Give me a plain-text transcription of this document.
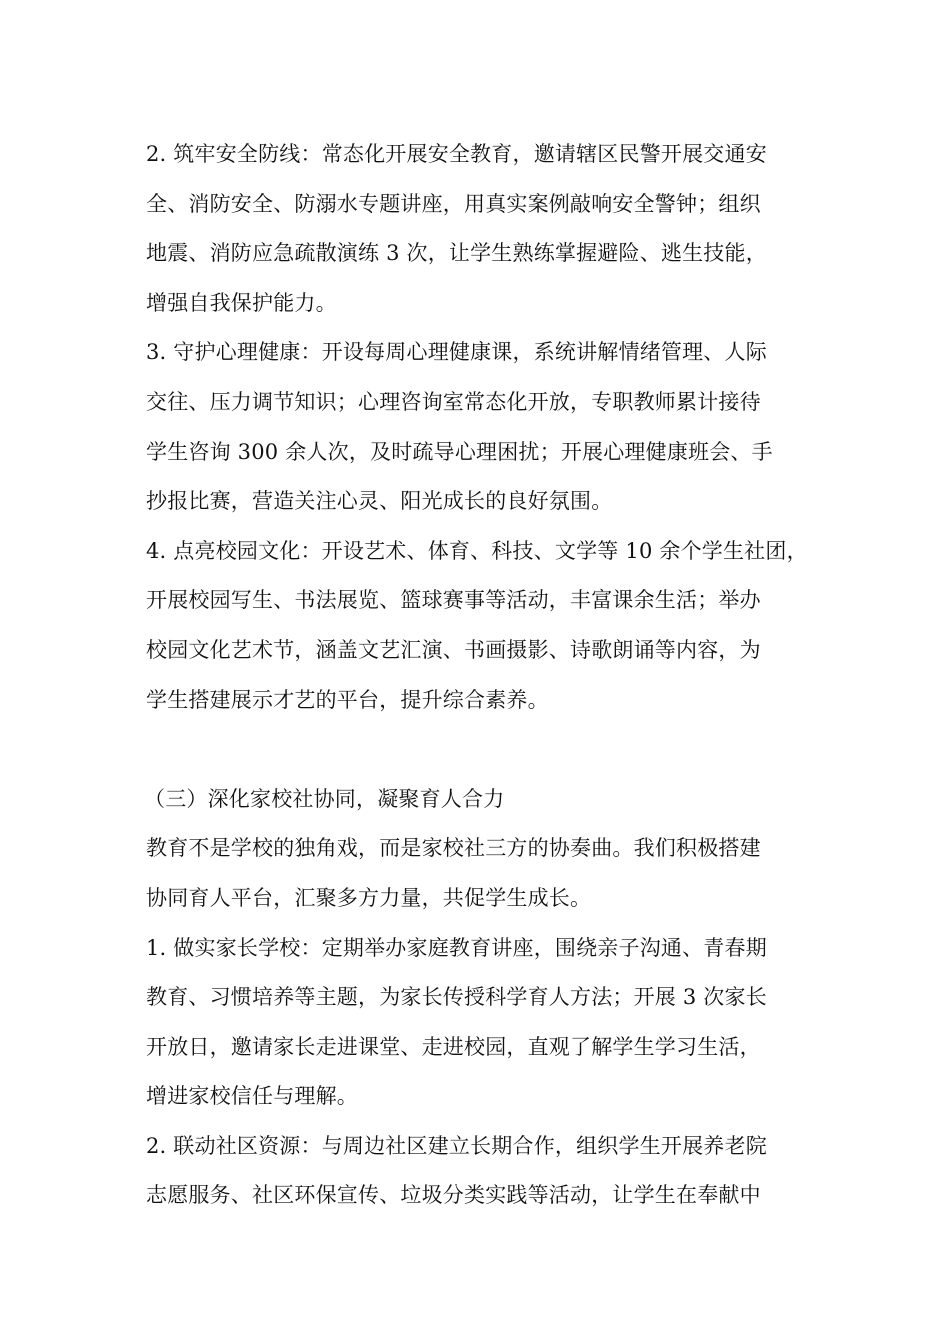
2. 筑牢安全防线：常态化开展安全教育，邀请辖区民警开展交通安
全、消防安全、防溺水专题讲座，用真实案例敲响安全警钟；组织
地震、消防应急疏散演练 3 次，让学生熟练掌握避险、逃生技能，
增强自我保护能力。
3. 守护心理健康：开设每周心理健康课，系统讲解情绪管理、人际
交往、压力调节知识；心理咨询室常态化开放，专职教师累计接待
学生咨询 300 余人次，及时疏导心理困扰；开展心理健康班会、手
抄报比赛，营造关注心灵、阳光成长的良好氛围。
4. 点亮校园文化：开设艺术、体育、科技、文学等 10 余个学生社团，
开展校园写生、书法展览、篮球赛事等活动，丰富课余生活；举办
校园文化艺术节，涵盖文艺汇演、书画摄影、诗歌朗诵等内容，为
学生搭建展示才艺的平台，提升综合素养。
（三）深化家校社协同，凝聚育人合力
教育不是学校的独角戏，而是家校社三方的协奏曲。我们积极搭建
协同育人平台，汇聚多方力量，共促学生成长。
1. 做实家长学校：定期举办家庭教育讲座，围绕亲子沟通、青春期
教育、习惯培养等主题，为家长传授科学育人方法；开展 3 次家长
开放日，邀请家长走进课堂、走进校园，直观了解学生学习生活，
增进家校信任与理解。
2. 联动社区资源：与周边社区建立长期合作，组织学生开展养老院
志愿服务、社区环保宣传、垃圾分类实践等活动，让学生在奉献中
